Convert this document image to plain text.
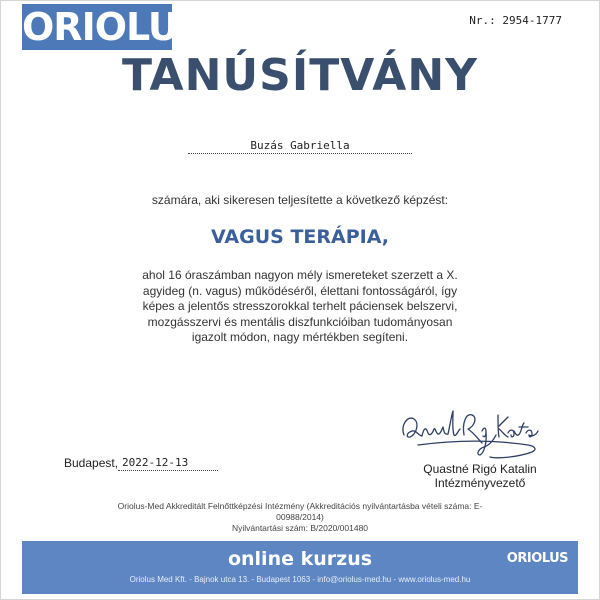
ORIOLUS	Nr.: 2954-1777
TANÚSÍTVÁNY
Buzás Gabriella
számára, aki sikeresen teljesítette a következő képzést:
VAGUS TERÁPIA,
ahol 16 óraszámban nagyon mély ismereteket szerzett a X. agyideg (n. vagus) működéséről, élettani fontosságáról, így képes a jelentős stresszorokkal terhelt páciensek belszervi, mozgásszervi és mentális diszfunkcióiban tudományosan igazolt módon, nagy mértékben segíteni.
Budapest, 2022-12-13	Quastné Rigó Katalin
Intézményvezető
Oriolus-Med Akkreditált Felnőttképzési Intézmény (Akkreditációs nyilvántartásba vételi száma: E-00988/2014)
Nyilvántartási szám: B/2020/001480
online kurzus
Oriolus Med Kft. - Bajnok utca 13. - Budapest 1063 - info@oriolus-med.hu - www.oriolus-med.hu
ORIOLUS
